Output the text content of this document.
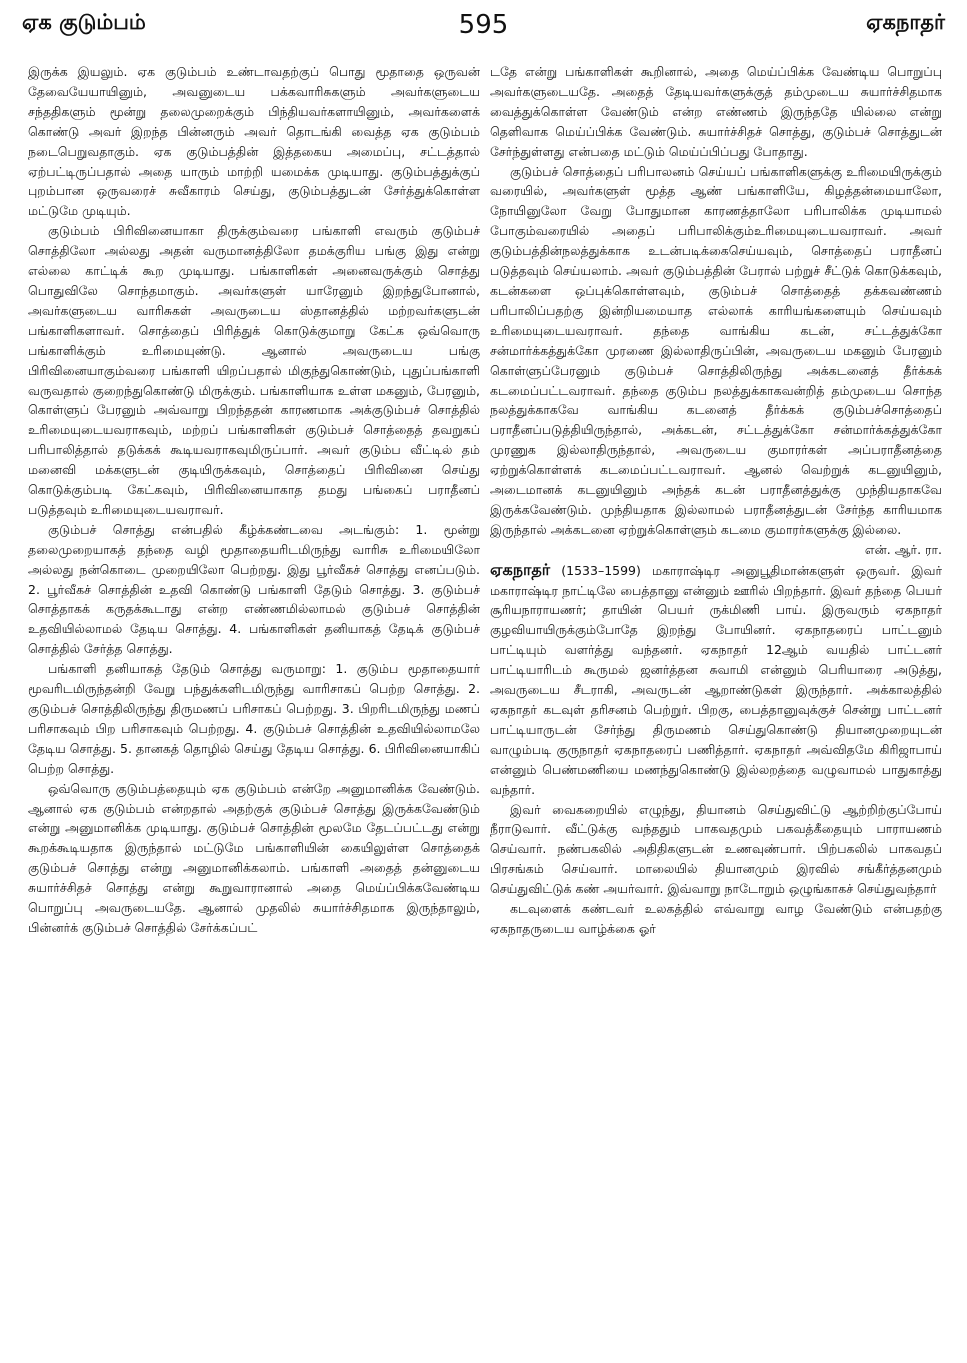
ஏக குடும்பம்	595	ஏகநாதர்

இருக்க இயலும். ஏக குடும்பம் உண்டாவதற்குப் பொது மூதாதை ஒருவன் தேவையேயாயினும், அவனுடைய பக்கவாரிசுகளும் அவர்களுடைய சந்ததிகளும் மூன்று தலைமுறைக்கும் பிந்தியவர்களாயினும், அவர்களைக் கொண்டு அவர் இறந்த பின்னரும் அவர் தொடங்கி வைத்த ஏக குடும்பம் நடைபெறுவதாகும். ஏக குடும்பத்தின் இத்தகைய அமைப்பு, சட்டத்தால் ஏற்பட்டிருப்பதால் அதை யாரும் மாற்றி யமைக்க முடியாது. குடும்பத்துக்குப் புறம்பான ஒருவரைச் சுவீகாரம் செய்து, குடும்பத்துடன் சேர்த்துக்கொள்ள மட்டுமே முடியும்.

குடும்பம் பிரிவினையாகா திருக்கும்வரை பங்காளி எவரும் குடும்பச் சொத்திலோ அல்லது அதன் வருமானத்திலோ தமக்குரிய பங்கு இது என்று எல்லை காட்டிக் கூற முடியாது. பங்காளிகள் அனைவருக்கும் சொத்து பொதுவிலே சொந்தமாகும். அவர்களுள் யாரேனும் இறந்துபோனால், அவர்களுடைய வாரிசுகள் அவருடைய ஸ்தானத்தில் மற்றவர்களுடன் பங்காளிகளாவர். சொத்தைப் பிரித்துக் கொடுக்குமாறு கேட்க ஒவ்வொரு பங்காளிக்கும் உரிமையுண்டு. ஆனால் அவருடைய பங்கு பிரிவினையாகும்வரை பங்காளி யிறப்பதால் மிகுந்துகொண்டும், புதுப்பங்காளி வருவதால் குறைந்துகொண்டு மிருக்கும். பங்காளியாக உள்ள மகனும், பேரனும், கொள்ளுப் பேரனும் அவ்வாறு பிறந்ததன் காரணமாக அக்குடும்பச் சொத்தில் உரிமையுடையவராகவும், மற்றப் பங்காளிகள் குடும்பச் சொத்தைத் தவறுகப் பரிபாலித்தால் தடுக்கக் கூடியவராகவுமிருப்பார். அவர் குடும்ப வீட்டில் தம் மனைவி மக்களுடன் குடியிருக்கவும், சொத்தைப் பிரிவினை செய்து கொடுக்கும்படி கேட்கவும், பிரிவினையாகாத தமது பங்கைப் பராதீனப் படுத்தவும் உரிமையுடையவராவர்.

குடும்பச் சொத்து என்பதில் கீழ்க்கண்டவை அடங்கும்: 1. மூன்று தலைமுறையாகத் தந்தை வழி மூதாதையரிடமிருந்து வாரிசு உரிமையிலோ அல்லது நன்கொடை முறையிலோ பெற்றது. இது பூர்வீகச் சொத்து எனப்படும். 2. பூர்வீகச் சொத்தின் உதவி கொண்டு பங்காளி தேடும் சொத்து. 3. குடும்பச் சொத்தாகக் கருதக்கூடாது என்ற எண்ணமில்லாமல் குடும்பச் சொத்தின் உதவியில்லாமல் தேடிய சொத்து. 4. பங்காளிகள் தனியாகத் தேடிக் குடும்பச் சொத்தில் சேர்த்த சொத்து.

பங்காளி தனியாகத் தேடும் சொத்து வருமாறு: 1. குடும்ப மூதாதையார் மூவரிடமிருந்தன்றி வேறு பந்துக்களிடமிருந்து வாரிசாகப் பெற்ற சொத்து. 2. குடும்பச் சொத்திலிருந்து திருமணப் பரிசாகப் பெற்றது. 3. பிறரிடமிருந்து மணப் பரிசாகவும் பிற பரிசாகவும் பெற்றது. 4. குடும்பச் சொத்தின் உதவியில்லாமலே தேடிய சொத்து. 5. தானகத் தொழில் செய்து தேடிய சொத்து. 6. பிரிவினையாகிப் பெற்ற சொத்து.

ஒவ்வொரு குடும்பத்தையும் ஏக குடும்பம் என்றே அனுமானிக்க வேண்டும். ஆனால் ஏக குடும்பம் என்றதால் அதற்குக் குடும்பச் சொத்து இருக்கவேண்டும் என்று அனுமானிக்க முடியாது. குடும்பச் சொத்தின் மூலமே தேடப்பட்டது என்று கூறக்கூடியதாக இருந்தால் மட்டுமே பங்காளியின் கையிலுள்ள சொத்தைக் குடும்பச் சொத்து என்று அனுமானிக்கலாம். பங்காளி அதைத் தன்னுடைய சுயார்ச்சிதச் சொத்து என்று கூறுவாரானால் அதை மெய்ப்பிக்கவேண்டிய பொறுப்பு அவருடையதே. ஆனால் முதலில் சுயார்ச்சிதமாக இருந்தாலும், பின்னர்க் குடும்பச் சொத்தில் சேர்க்கப்பட்

டதே என்று பங்காளிகள் கூறினால், அதை மெய்ப்பிக்க வேண்டிய பொறுப்பு அவர்களுடையதே. அதைத் தேடியவர்களுக்குத் தம்முடைய சுயார்ச்சிதமாக வைத்துக்கொள்ள வேண்டும் என்ற எண்ணம் இருந்ததே யில்லை என்று தெளிவாக மெய்ப்பிக்க வேண்டும். சுயார்ச்சிதச் சொத்து, குடும்பச் சொத்துடன் சேர்ந்துள்ளது என்பதை மட்டும் மெய்ப்பிப்பது போதாது.

குடும்பச் சொத்தைப் பரிபாலனம் செய்யப் பங்காளிகளுக்கு உரிமையிருக்கும் வரையில், அவர்களுள் மூத்த ஆண் பங்காளியே, கிழத்தன்மையாலோ, நோயினுலோ வேறு போதுமான காரணத்தாலோ பரிபாலிக்க முடியாமல் போகும்வரையில் அதைப் பரிபாலிக்கும்உரிமையுடையவராவர். அவர் குடும்பத்தின்நலத்துக்காக உடன்படிக்கைசெய்யவும், சொத்தைப் பராதீனப் படுத்தவும் செய்யலாம். அவர் குடும்பத்தின் பேரால் பற்றுச் சீட்டுக் கொடுக்கவும், கடன்களை ஒப்புக்கொள்ளவும், குடும்பச் சொத்தைத் தக்கவண்ணம் பரிபாலிப்பதற்கு இன்றியமையாத எல்லாக் காரியங்களையும் செய்யவும் உரிமையுடையவராவர். தந்தை வாங்கிய கடன், சட்டத்துக்கோ சன்மார்க்கத்துக்கோ முரணை இல்லாதிருப்பின், அவருடைய மகனும் பேரனும் கொள்ளுப்பேரனும் குடும்பச் சொத்திலிருந்து அக்கடனைத் தீர்க்கக் கடமைப்பட்டவராவர். தந்தை குடும்ப நலத்துக்காகவன்றித் தம்முடைய சொந்த நலத்துக்காகவே வாங்கிய கடனைத் தீர்க்கக் குடும்பச்சொத்தைப் பராதீனப்படுத்தியிருந்தால், அக்கடன், சட்டத்துக்கோ சன்மார்க்கத்துக்கோ முரணுக இல்லாதிருந்தால், அவருடைய குமாரர்கள் அப்பராதீனத்தை ஏற்றுக்கொள்ளக் கடமைப்பட்டவராவர். ஆனல் வெற்றுக் கடனுயினும், அடைமானக் கடனுயினும் அந்தக் கடன் பராதீனத்துக்கு முந்தியதாகவே இருக்கவேண்டும். முந்தியதாக இல்லாமல் பராதீனத்துடன் சேர்ந்த காரியமாக இருந்தால் அக்கடனை ஏற்றுக்கொள்ளும் கடமை குமாரர்களுக்கு இல்லை.

என். ஆர். ரா.

ஏகநாதர் (1533–1599) மகாராஷ்டிர அனுபூதிமான்களுள் ஒருவர். இவர் மகாராஷ்டிர நாட்டிலே பைத்தானு என்னும் ஊரில் பிறந்தார். இவர் தந்தை பெயர் சூரியநாராயணர்; தாயின் பெயர் ருக்மிணி பாய். இருவரும் ஏகநாதர் குழவியாயிருக்கும்போதே இறந்து போயினர். ஏகநாதரைப் பாட்டனும் பாட்டியும் வளர்த்து வந்தனர். ஏகநாதர் 12ஆம் வயதில் பாட்டனர் பாட்டியாரிடம் கூருமல் ஜனர்த்தன சுவாமி என்னும் பெரியாரை அடுத்து, அவருடைய சீடராகி, அவருடன் ஆறாண்டுகள் இருந்தார். அக்காலத்தில் ஏகநாதர் கடவுள் தரிசனம் பெற்றுர். பிறகு, பைத்தானுவுக்குச் சென்று பாட்டனர் பாட்டியாருடன் சேர்ந்து திருமணம் செய்துகொண்டு தியானமுறையுடன் வாழும்படி குருநாதர் ஏகநாதரைப் பணித்தார். ஏகநாதர் அவ்விதமே கிரிஜாபாய் என்னும் பெண்மணியை மணந்துகொண்டு இல்லறத்தை வழுவாமல் பாதுகாத்து வந்தார்.

இவர் வைகறையில் எழுந்து, தியானம் செய்துவிட்டு ஆற்றிற்குப்போய் நீராடுவார். வீட்டுக்கு வந்ததும் பாகவதமும் பகவத்கீதையும் பாராயணம் செய்வார். நண்பகலில் அதிதிகளுடன் உணவுண்பார். பிற்பகலில் பாகவதப் பிரசங்கம் செய்வார். மாலையில் தியானமும் இரவில் சங்கீர்த்தனமும் செய்துவிட்டுக் கண் அயர்வார். இவ்வாறு நாடோறும் ஒழுங்காகச் செய்துவந்தார்

கடவுளைக் கண்டவர் உலகத்தில் எவ்வாறு வாழ வேண்டும் என்பதற்கு ஏகநாதருடைய வாழ்க்கை ஓர்
